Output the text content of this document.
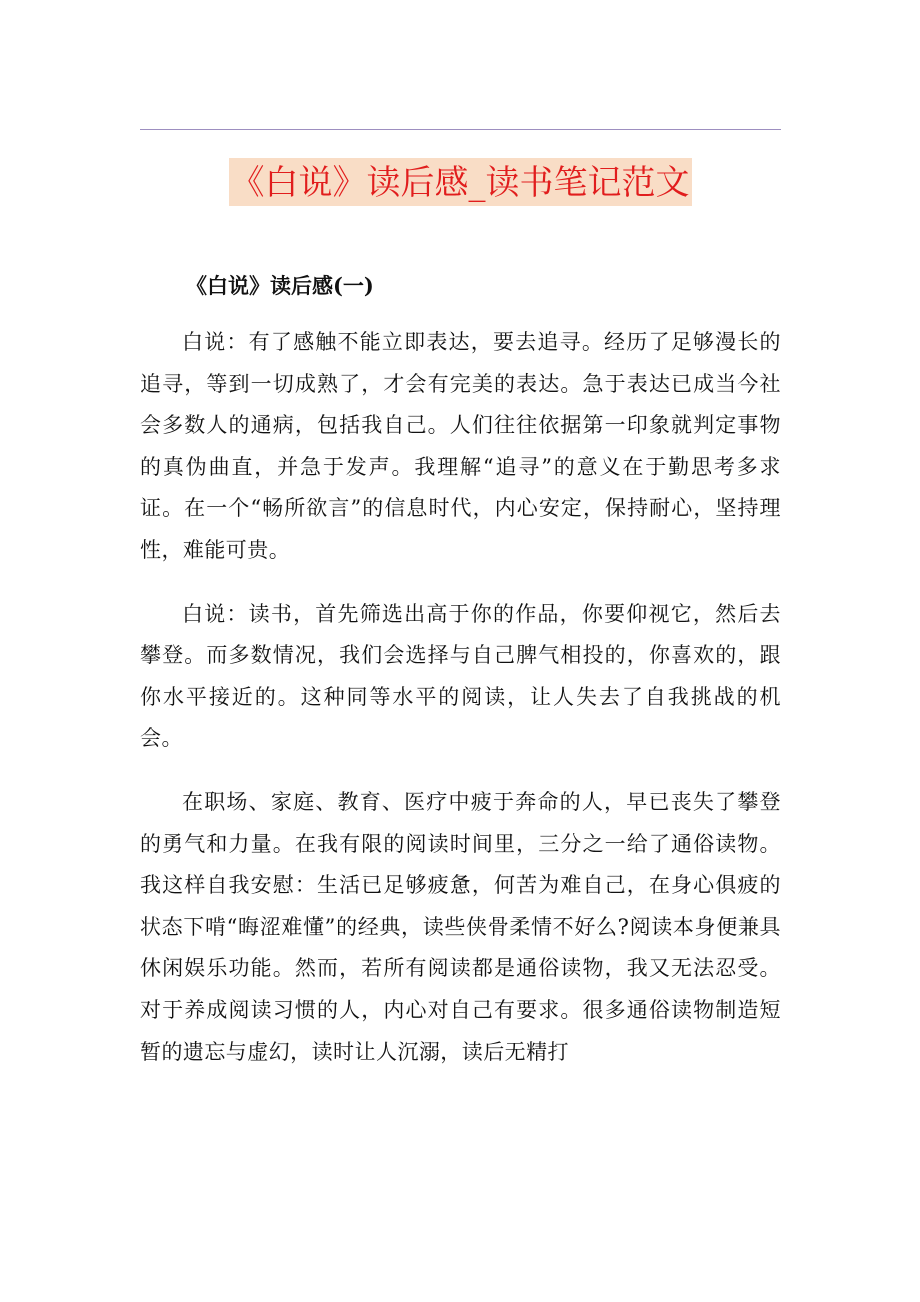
《白说》读后感_读书笔记范文
《白说》读后感(一)

白说：有了感触不能立即表达，要去追寻。经历了足够漫长的追寻，等到一切成熟了，才会有完美的表达。急于表达已成当今社会多数人的通病，包括我自己。人们往往依据第一印象就判定事物的真伪曲直，并急于发声。我理解“追寻”的意义在于勤思考多求证。在一个“畅所欲言”的信息时代，内心安定，保持耐心，坚持理性，难能可贵。

白说：读书，首先筛选出高于你的作品，你要仰视它，然后去攀登。而多数情况，我们会选择与自己脾气相投的，你喜欢的，跟你水平接近的。这种同等水平的阅读，让人失去了自我挑战的机会。

在职场、家庭、教育、医疗中疲于奔命的人，早已丧失了攀登的勇气和力量。在我有限的阅读时间里，三分之一给了通俗读物。我这样自我安慰：生活已足够疲惫，何苦为难自己，在身心俱疲的状态下啃“晦涩难懂”的经典，读些侠骨柔情不好么?阅读本身便兼具休闲娱乐功能。然而，若所有阅读都是通俗读物，我又无法忍受。对于养成阅读习惯的人，内心对自己有要求。很多通俗读物制造短暂的遗忘与虚幻，读时让人沉溺，读后无精打
